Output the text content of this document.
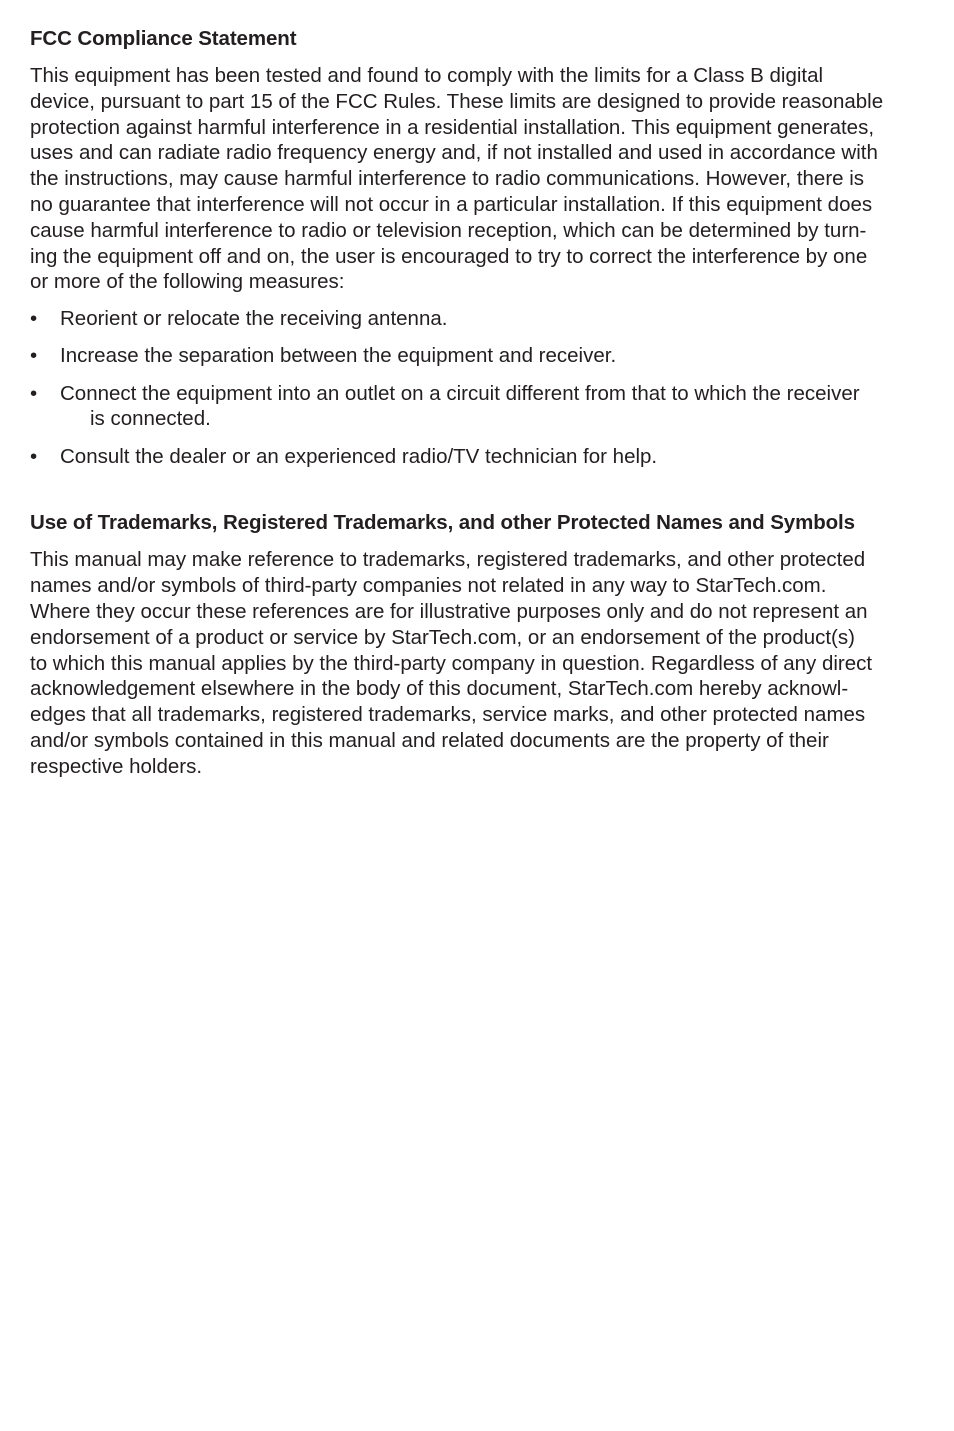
FCC Compliance Statement
This equipment has been tested and found to comply with the limits for a Class B digital
device, pursuant to part 15 of the FCC Rules. These limits are designed to provide reasonable
protection against harmful interference in a residential installation. This equipment generates,
uses and can radiate radio frequency energy and, if not installed and used in accordance with
the instructions, may cause harmful interference to radio communications. However, there is
no guarantee that interference will not occur in a particular installation. If this equipment does
cause harmful interference to radio or television reception, which can be determined by turn-
ing the equipment off and on, the user is encouraged to try to correct the interference by one
or more of the following measures:
•	Reorient or relocate the receiving antenna.
•	Increase the separation between the equipment and receiver.
•	Connect the equipment into an outlet on a circuit different from that to which the receiver
is connected.
•	Consult the dealer or an experienced radio/TV technician for help.
Use of Trademarks, Registered Trademarks, and other Protected Names and Symbols
This manual may make reference to trademarks, registered trademarks, and other protected
names and/or symbols of third-party companies not related in any way to StarTech.com.
Where they occur these references are for illustrative purposes only and do not represent an
endorsement of a product or service by StarTech.com, or an endorsement of the product(s)
to which this manual applies by the third-party company in question. Regardless of any direct
acknowledgement elsewhere in the body of this document, StarTech.com hereby acknowl-
edges that all trademarks, registered trademarks, service marks, and other protected names
and/or symbols contained in this manual and related documents are the property of their
respective holders.
